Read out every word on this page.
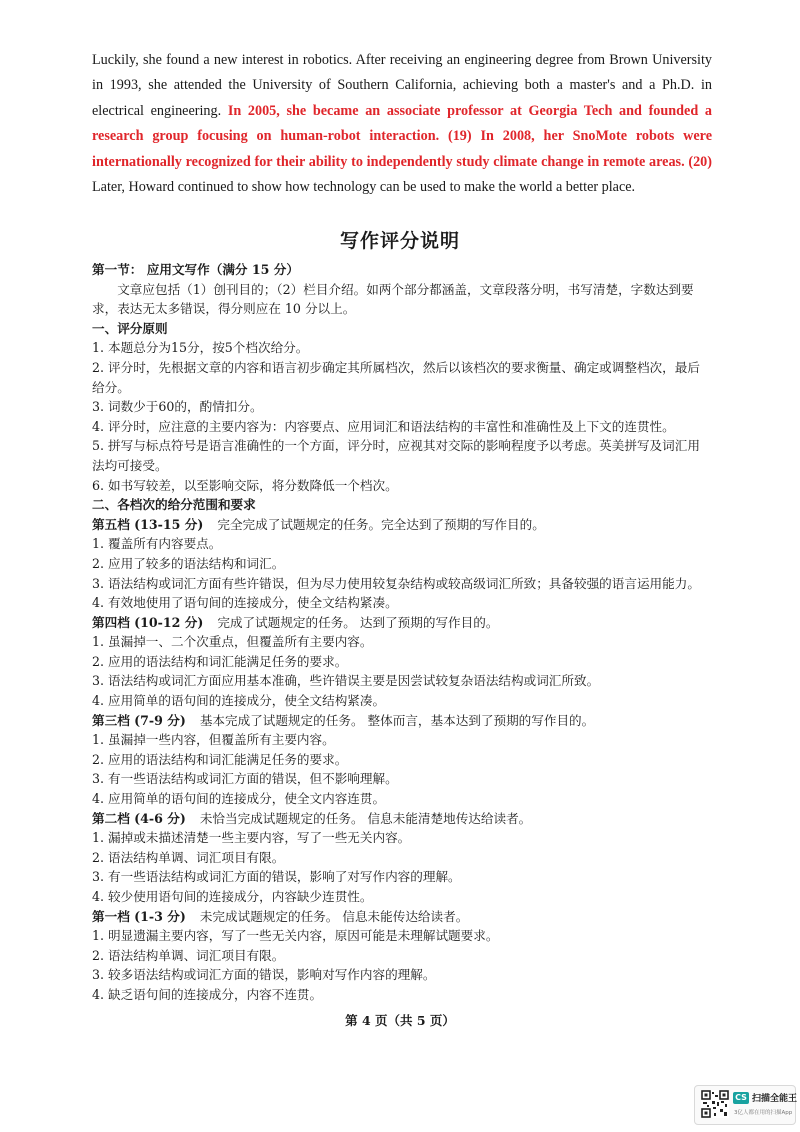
Luckily, she found a new interest in robotics. After receiving an engineering degree from Brown University in 1993, she attended the University of Southern California, achieving both a master's and a Ph.D. in electrical engineering. In 2005, she became an associate professor at Georgia Tech and founded a research group focusing on human-robot interaction. (19) In 2008, her SnoMote robots were internationally recognized for their ability to independently study climate change in remote areas. (20) Later, Howard continued to show how technology can be used to make the world a better place.
写作评分说明

第一节： 应用文写作（满分 15 分）

文章应包括（1）创刊目的；（2）栏目介绍。如两个部分都涵盖，文章段落分明，书写清楚，字数达到要求，表达无太多错误，得分则应在 10 分以上。

一、评分原则

1. 本题总分为15分，按5个档次给分。

2. 评分时，先根据文章的内容和语言初步确定其所属档次，然后以该档次的要求衡量、确定或调整档次，最后给分。

3. 词数少于60的，酌情扣分。

4. 评分时，应注意的主要内容为：内容要点、应用词汇和语法结构的丰富性和准确性及上下文的连贯性。

5. 拼写与标点符号是语言准确性的一个方面，评分时，应视其对交际的影响程度予以考虑。英美拼写及词汇用法均可接受。

6. 如书写较差，以至影响交际，将分数降低一个档次。

二、各档次的给分范围和要求

第五档 (13-15 分) 完全完成了试题规定的任务。完全达到了预期的写作目的。

1. 覆盖所有内容要点。

2. 应用了较多的语法结构和词汇。

3. 语法结构或词汇方面有些许错误，但为尽力使用较复杂结构或较高级词汇所致；具备较强的语言运用能力。

4. 有效地使用了语句间的连接成分，使全文结构紧凑。

第四档 (10-12 分) 完成了试题规定的任务。 达到了预期的写作目的。

1. 虽漏掉一、二个次重点，但覆盖所有主要内容。

2. 应用的语法结构和词汇能满足任务的要求。

3. 语法结构或词汇方面应用基本准确，些许错误主要是因尝试较复杂语法结构或词汇所致。

4. 应用简单的语句间的连接成分，使全文结构紧凑。

第三档 (7-9 分) 基本完成了试题规定的任务。 整体而言，基本达到了预期的写作目的。

1. 虽漏掉一些内容，但覆盖所有主要内容。

2. 应用的语法结构和词汇能满足任务的要求。

3. 有一些语法结构或词汇方面的错误，但不影响理解。

4. 应用简单的语句间的连接成分，使全文内容连贯。

第二档 (4-6 分) 未恰当完成试题规定的任务。 信息未能清楚地传达给读者。

1. 漏掉或未描述清楚一些主要内容，写了一些无关内容。

2. 语法结构单调、词汇项目有限。

3. 有一些语法结构或词汇方面的错误，影响了对写作内容的理解。

4. 较少使用语句间的连接成分，内容缺少连贯性。

第一档 (1-3 分) 未完成试题规定的任务。 信息未能传达给读者。

1. 明显遗漏主要内容，写了一些无关内容，原因可能是未理解试题要求。

2. 语法结构单调、词汇项目有限。

3. 较多语法结构或词汇方面的错误，影响对写作内容的理解。

4. 缺乏语句间的连接成分，内容不连贯。

第 4 页（共 5 页）
CS 扫描全能王
3亿人都在用的扫描App
